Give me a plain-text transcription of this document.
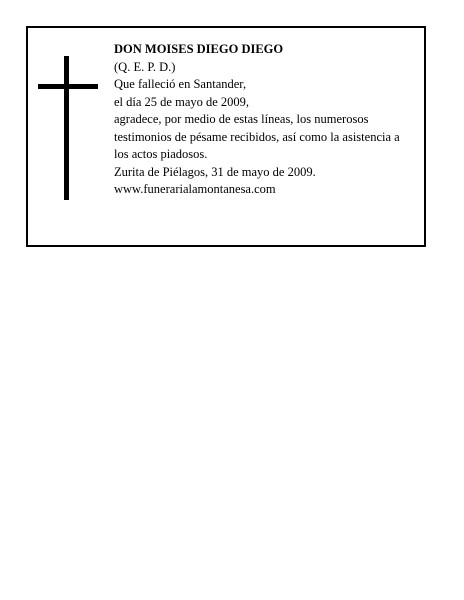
DON MOISES DIEGO DIEGO
(Q. E. P. D.)
Que falleció en Santander,
el día 25 de mayo de 2009,
agradece, por medio de estas líneas, los numerosos testimonios de pésame recibidos, así como la asistencia a los actos piadosos.
Zurita de Piélagos, 31 de mayo de 2009.
www.funerarialamontanesa.com
